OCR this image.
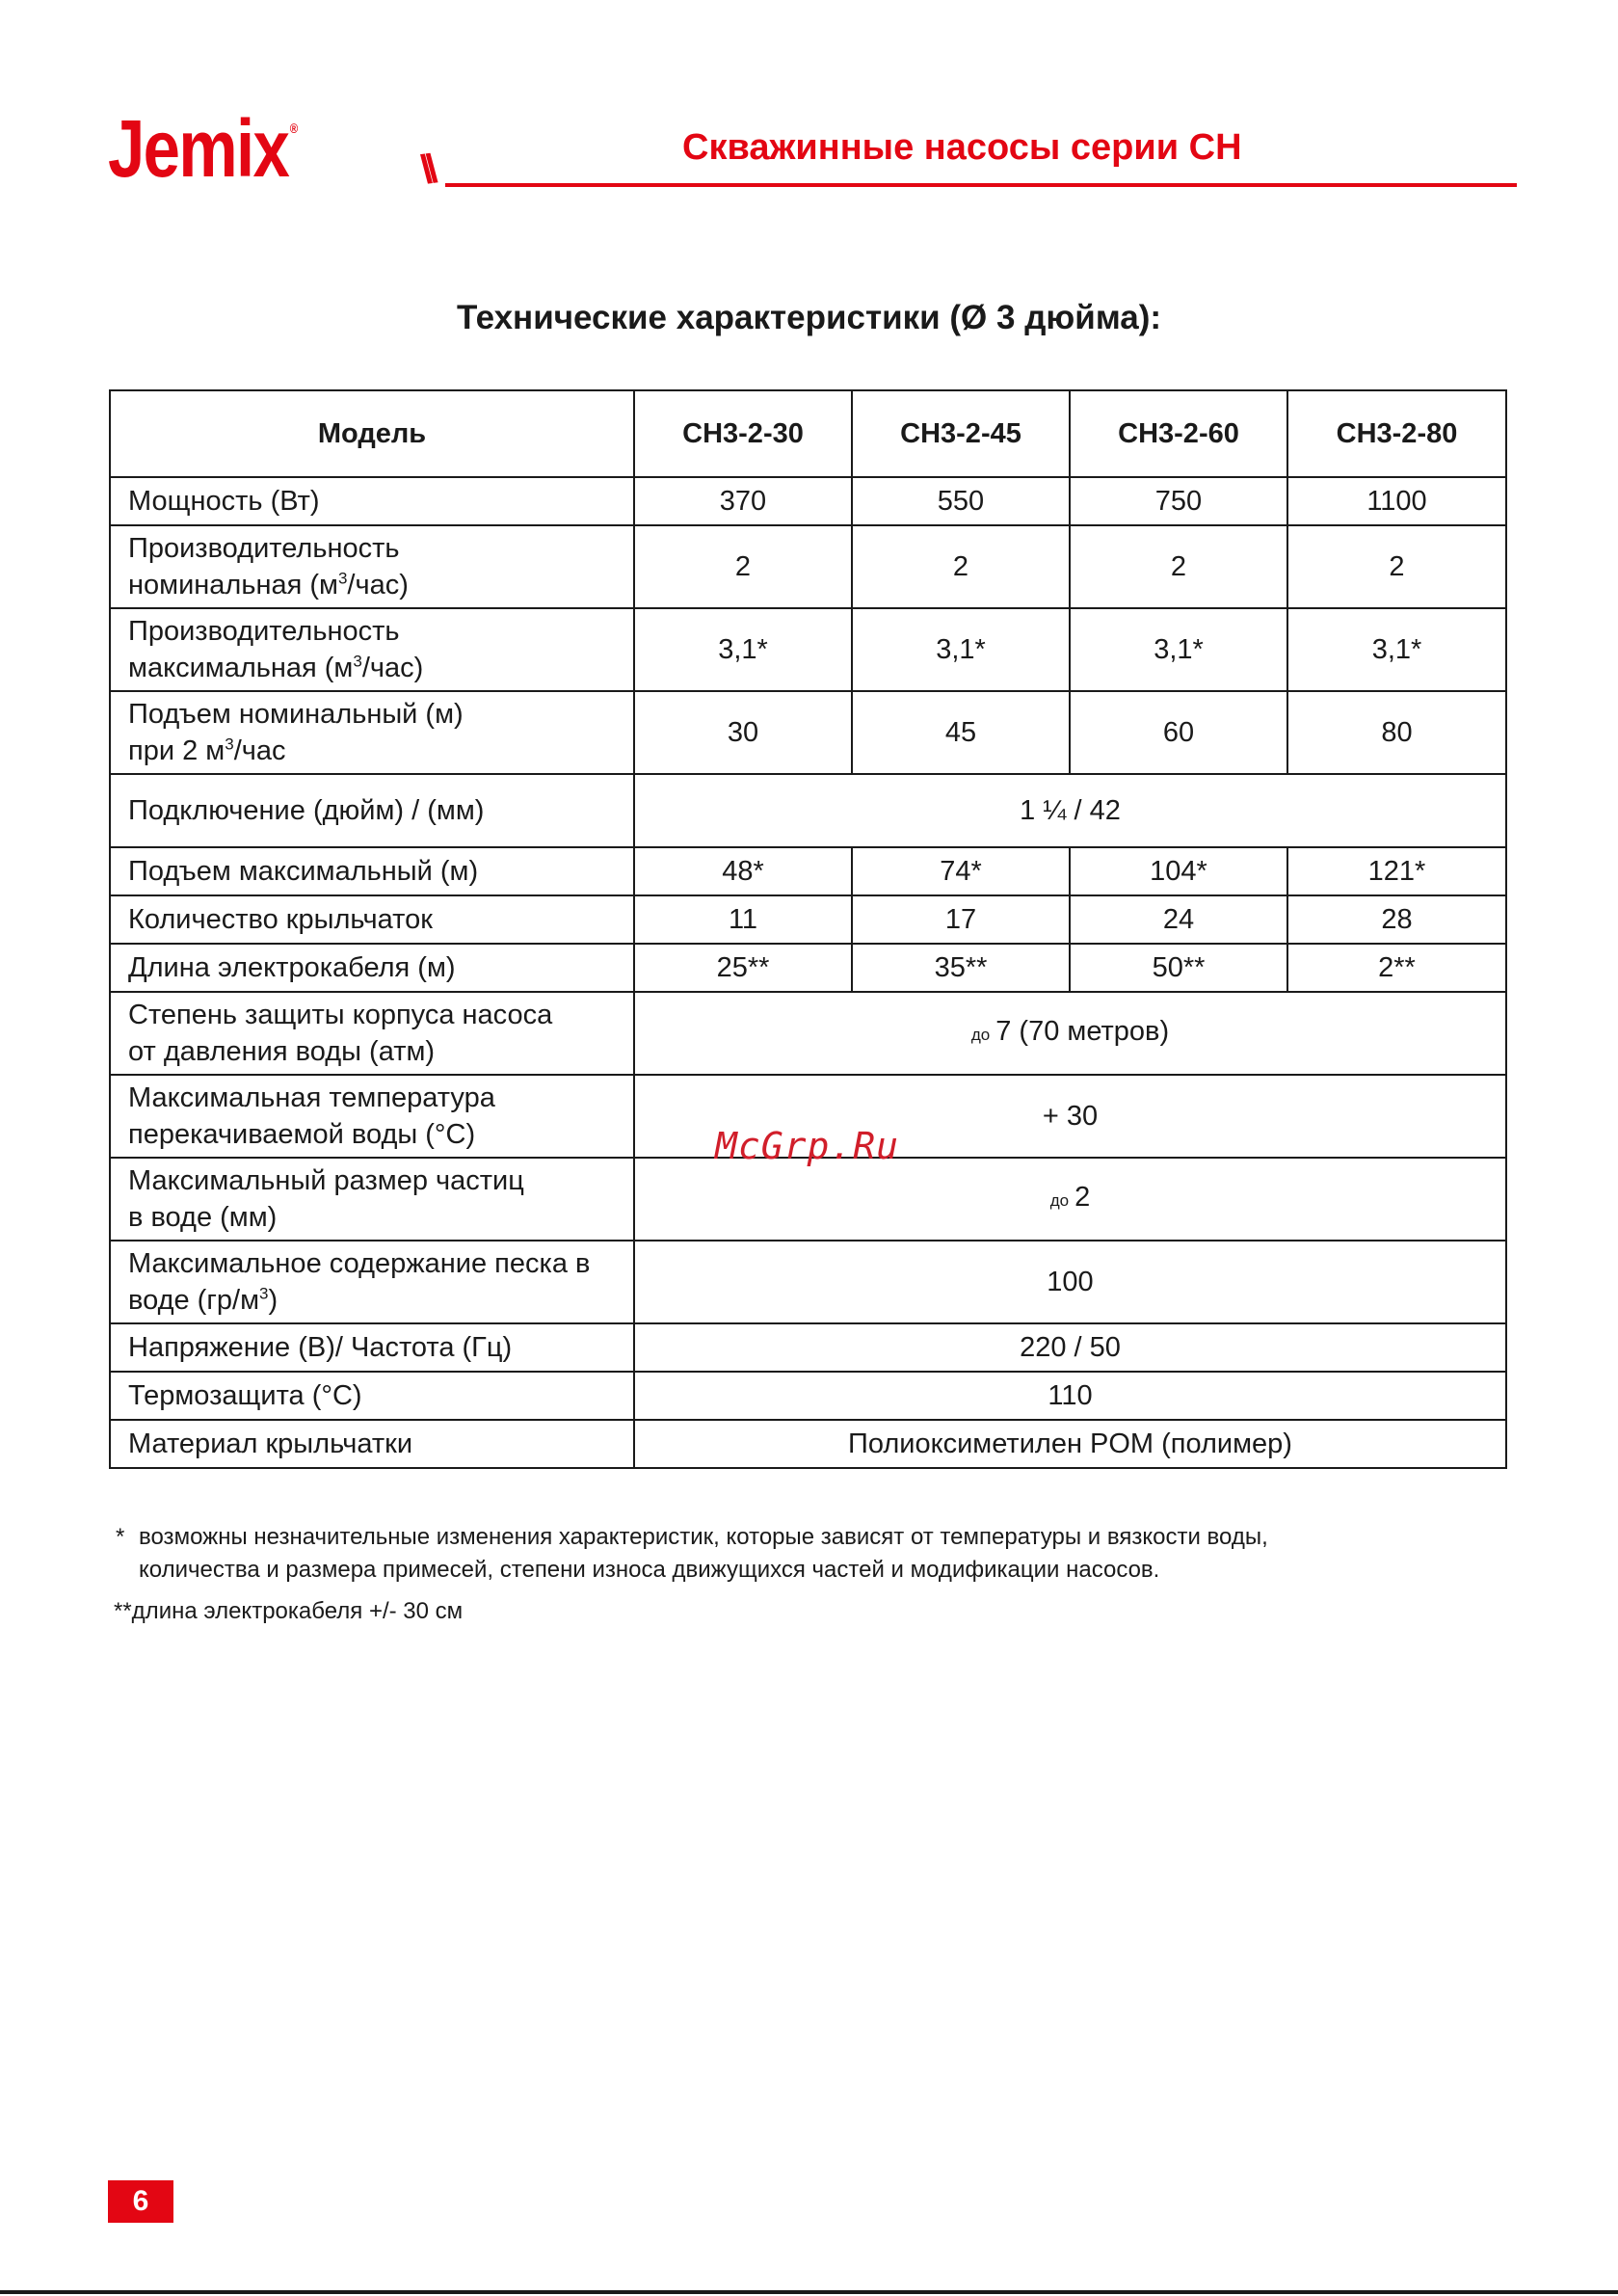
Jemix ®
\\	Скважинные насосы серии СН
Технические характеристики (Ø 3 дюйма):
Модель	CH3-2-30	CH3-2-45	CH3-2-60	CH3-2-80
Мощность (Вт)	370	550	750	1100
Производительность
номинальная $(м^3/час)$	2	2	2	2
Производительность
максимальная $(м^3/час)$	3,1*	3,1*	3,1*	3,1*
Подъем номинальный (м)
при 2 $м^3$/час	30	45	60	80
Подключение (дюйм) / (мм)	1 ¼ / 42			
Подъем максимальный (м)	48*	74*	104*	121*
Количество крыльчаток	11	17	24	28
Длина электрокабеля (м)	25**	35**	50**	2**
Степень защиты корпуса насоса
от давления воды (атм)	до 7 (70 метров)			
Максимальная температура
перекачиваемой воды (°С)	+ 30			
Максимальный размер частиц
в воде (мм)	до 2			
Максимальное содержание песка в
воде $(гр/м^3)$	100			
Напряжение (В)/ Частота (Гц)	220 / 50			
Термозащита (°С)	110			
Материал крыльчатки	Полиоксиметилен POM (полимер)			
McGrp.Ru
* возможны незначительные изменения характеристик, которые зависят от температуры и вязкости воды,
количества и размера примесей, степени износа движущихся частей и модификации насосов.
**длина электрокабеля +/- 30 см
6
